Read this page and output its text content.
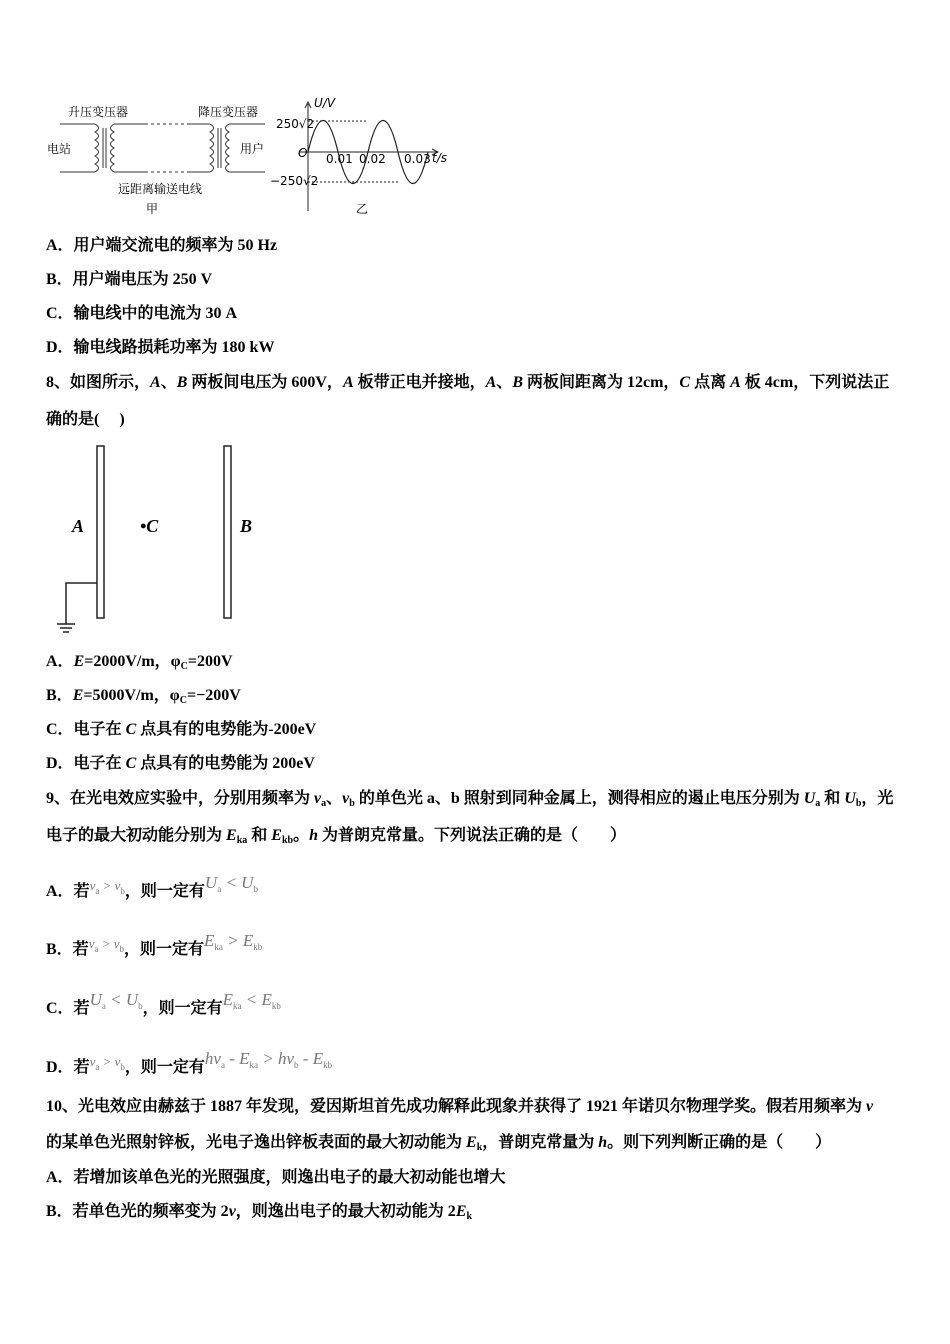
升压变压器	降压变压器
电站	用户
远距离输送电线
甲
U/V
250√2
−250√2
O 0.01 0.02 0.03 t/s
乙
A．用户端交流电的频率为 50 Hz
B．用户端电压为 250 V
C．输电线中的电流为 30 A
D．输电线路损耗功率为 180 kW
8、如图所示，A、B 两板间电压为 600V，A 板带正电并接地，A、B 两板间距离为 12cm，C 点离 A 板 4cm，下列说法正
确的是(　 )
A	•C	B
A．E=2000V/m，$\varphi_C=200V$
B．E=5000V/m，$\varphi_C=-200V$
C．电子在 C 点具有的电势能为-200eV
D．电子在 C 点具有的电势能为 200eV
9、在光电效应实验中，分别用频率为 $v_a$、$v_b$ 的单色光 a、b 照射到同种金属上，测得相应的遏止电压分别为 $U_a$ 和 $U_b$，光
电子的最大初动能分别为 $E_{ka}$ 和 $E_{kb}$。h 为普朗克常量。下列说法正确的是（　　）
A．若$^{\nu_a > \nu_b}$，则一定有$U_a < U_b$
B．若$^{\nu_a > \nu_b}$，则一定有$E_{ka} > E_{kb}$
C．若$U_a < U_b$，则一定有$E_{ka} < E_{kb}$
D．若$^{\nu_a > \nu_b}$，则一定有$h\nu_a - E_{ka} > h\nu_b - E_{kb}$
10、光电效应由赫兹于 1887 年发现，爱因斯坦首先成功解释此现象并获得了 1921 年诺贝尔物理学奖。假若用频率为 v
的某单色光照射锌板，光电子逸出锌板表面的最大初动能为 $E_k$，普朗克常量为 h。则下列判断正确的是（　　）
A．若增加该单色光的光照强度，则逸出电子的最大初动能也增大
B．若单色光的频率变为 2v，则逸出电子的最大初动能为 $2E_k$
